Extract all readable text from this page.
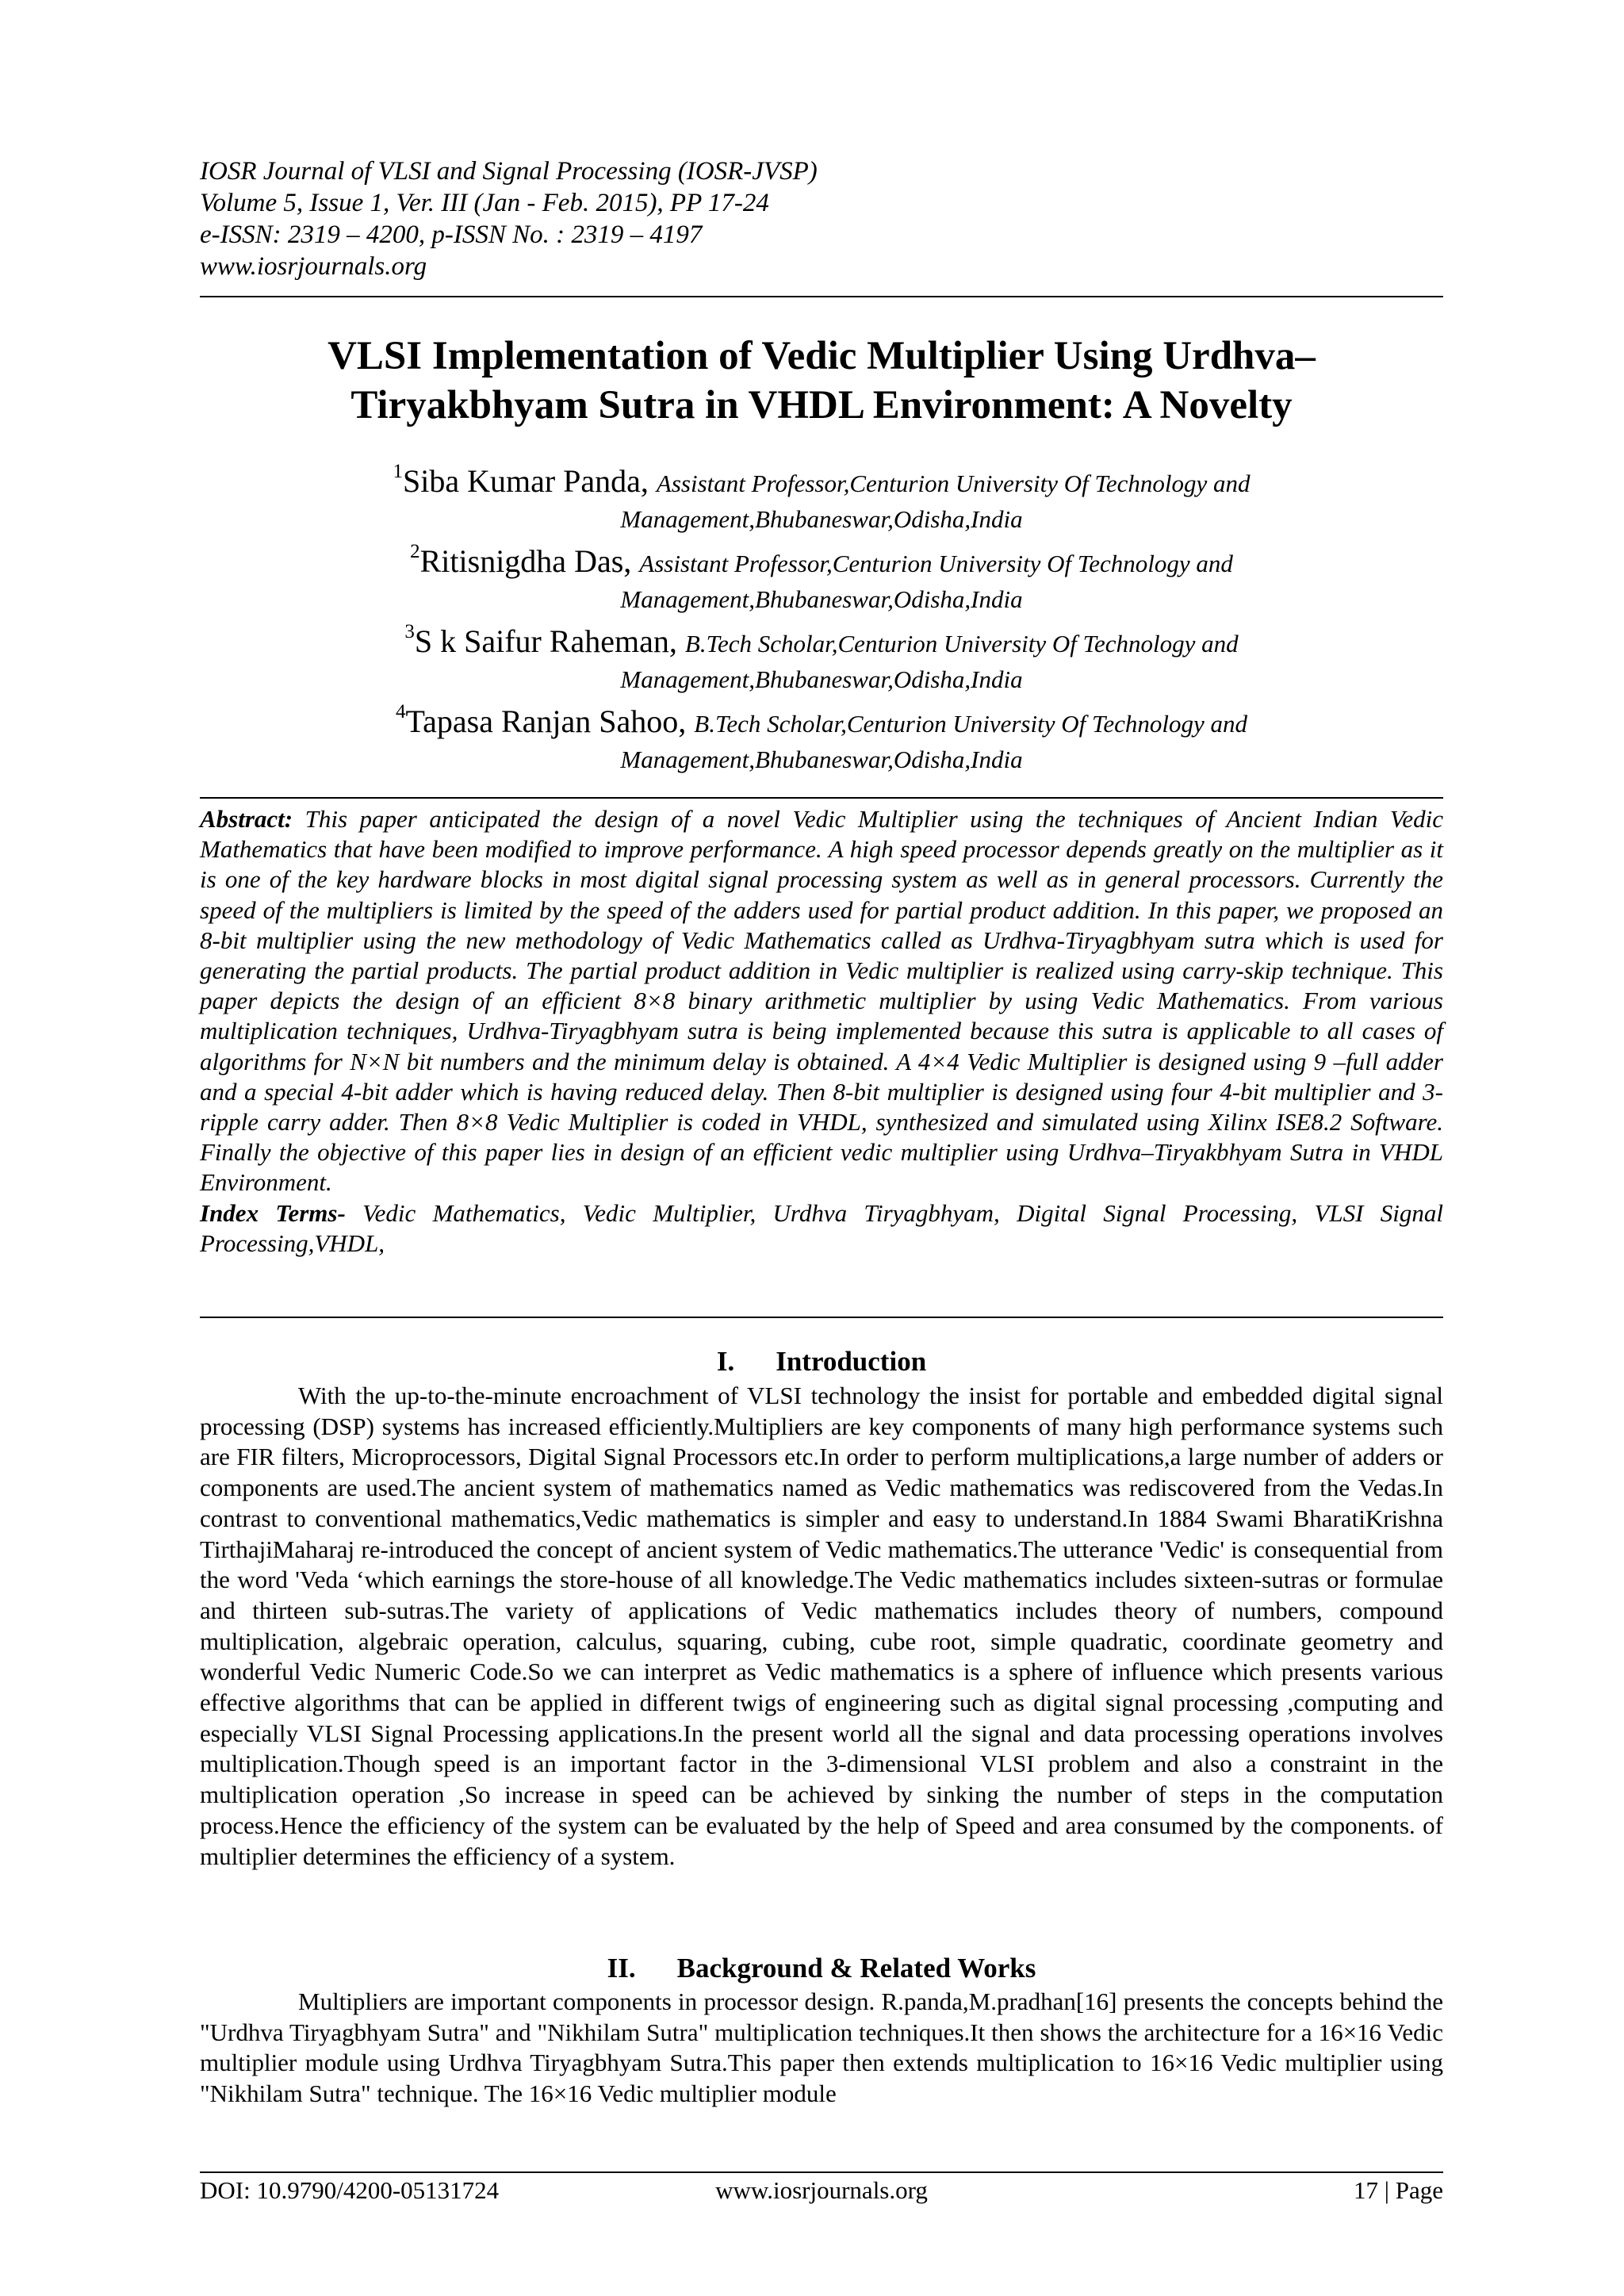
IOSR Journal of VLSI and Signal Processing (IOSR-JVSP)
Volume 5, Issue 1, Ver. III (Jan - Feb. 2015), PP 17-24
e-ISSN: 2319 – 4200, p-ISSN No. : 2319 – 4197
www.iosrjournals.org
VLSI Implementation of Vedic Multiplier Using Urdhva–
Tiryakbhyam Sutra in VHDL Environment: A Novelty
$^1$Siba Kumar Panda, Assistant Professor,Centurion University Of Technology and
Management,Bhubaneswar,Odisha,India
$^2$Ritisnigdha Das, Assistant Professor,Centurion University Of Technology and
Management,Bhubaneswar,Odisha,India
$^3$S k Saifur Raheman, B.Tech Scholar,Centurion University Of Technology and
Management,Bhubaneswar,Odisha,India
$^4$Tapasa Ranjan Sahoo, B.Tech Scholar,Centurion University Of Technology and
Management,Bhubaneswar,Odisha,India

Abstract: This paper anticipated the design of a novel Vedic Multiplier using the techniques of Ancient Indian Vedic Mathematics that have been modified to improve performance. A high speed processor depends greatly on the multiplier as it is one of the key hardware blocks in most digital signal processing system as well as in general processors. Currently the speed of the multipliers is limited by the speed of the adders used for partial product addition. In this paper, we proposed an 8-bit multiplier using the new methodology of Vedic Mathematics called as Urdhva-Tiryagbhyam sutra which is used for generating the partial products. The partial product addition in Vedic multiplier is realized using carry-skip technique. This paper depicts the design of an efficient 8×8 binary arithmetic multiplier by using Vedic Mathematics. From various multiplication techniques, Urdhva-Tiryagbhyam sutra is being implemented because this sutra is applicable to all cases of algorithms for N×N bit numbers and the minimum delay is obtained. A 4×4 Vedic Multiplier is designed using 9 –full adder and a special 4-bit adder which is having reduced delay. Then 8-bit multiplier is designed using four 4-bit multiplier and 3-ripple carry adder. Then 8×8 Vedic Multiplier is coded in VHDL, synthesized and simulated using Xilinx ISE8.2 Software. Finally the objective of this paper lies in design of an efficient vedic multiplier using Urdhva–Tiryakbhyam Sutra in VHDL Environment.

Index Terms- Vedic Mathematics, Vedic Multiplier, Urdhva Tiryagbhyam, Digital Signal Processing, VLSI Signal Processing,VHDL,

I. Introduction

With the up-to-the-minute encroachment of VLSI technology the insist for portable and embedded digital signal processing (DSP) systems has increased efficiently.Multipliers are key components of many high performance systems such are FIR filters, Microprocessors, Digital Signal Processors etc.In order to perform multiplications,a large number of adders or components are used.The ancient system of mathematics named as Vedic mathematics was rediscovered from the Vedas.In contrast to conventional mathematics,Vedic mathematics is simpler and easy to understand.In 1884 Swami BharatiKrishna TirthajiMaharaj re-introduced the concept of ancient system of Vedic mathematics.The utterance 'Vedic' is consequential from the word 'Veda ‘which earnings the store-house of all knowledge.The Vedic mathematics includes sixteen-sutras or formulae and thirteen sub-sutras.The variety of applications of Vedic mathematics includes theory of numbers, compound multiplication, algebraic operation, calculus, squaring, cubing, cube root, simple quadratic, coordinate geometry and wonderful Vedic Numeric Code.So we can interpret as Vedic mathematics is a sphere of influence which presents various effective algorithms that can be applied in different twigs of engineering such as digital signal processing ,computing and especially VLSI Signal Processing applications.In the present world all the signal and data processing operations involves multiplication.Though speed is an important factor in the 3-dimensional VLSI problem and also a constraint in the multiplication operation ,So increase in speed can be achieved by sinking the number of steps in the computation process.Hence the efficiency of the system can be evaluated by the help of Speed and area consumed by the components. of multiplier determines the efficiency of a system.

II. Background & Related Works

Multipliers are important components in processor design. R.panda,M.pradhan[16] presents the concepts behind the "Urdhva Tiryagbhyam Sutra" and "Nikhilam Sutra" multiplication techniques.It then shows the architecture for a 16×16 Vedic multiplier module using Urdhva Tiryagbhyam Sutra.This paper then extends multiplication to 16×16 Vedic multiplier using "Nikhilam Sutra" technique. The 16×16 Vedic multiplier module

DOI: 10.9790/4200-05131724	www.iosrjournals.org	17 | Page
